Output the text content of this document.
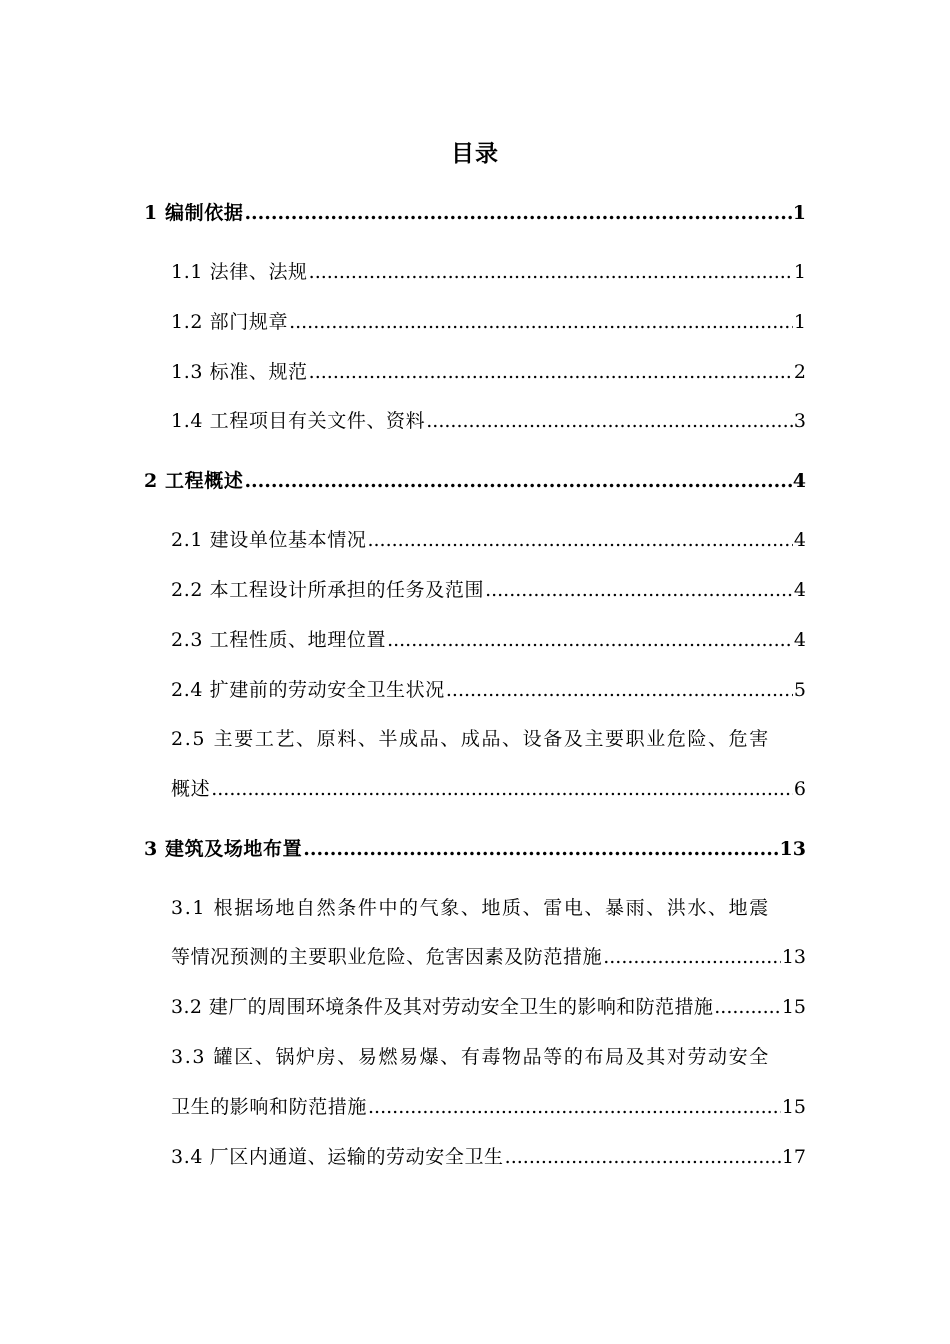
目录
1 编制依据 .....	1
1.1 法律、法规 .....	1
1.2 部门规章 .....	1
1.3 标准、规范 .....	2
1.4 工程项目有关文件、资料 .....	3
2 工程概述 .....	4
2.1 建设单位基本情况 .....	4
2.2 本工程设计所承担的任务及范围 .....	4
2.3 工程性质、地理位置 .....	4
2.4 扩建前的劳动安全卫生状况 .....	5
2.5 主要工艺、原料、半成品、成品、设备及主要职业危险、危害
概述 .....	6
3 建筑及场地布置 .....	13
3.1 根据场地自然条件中的气象、地质、雷电、暴雨、洪水、地震
等情况预测的主要职业危险、危害因素及防范措施 .....	13
3.2 建厂的周围环境条件及其对劳动安全卫生的影响和防范措施 .....	15
3.3 罐区、锅炉房、易燃易爆、有毒物品等的布局及其对劳动安全
卫生的影响和防范措施 .....	15
3.4 厂区内通道、运输的劳动安全卫生 .....	17
